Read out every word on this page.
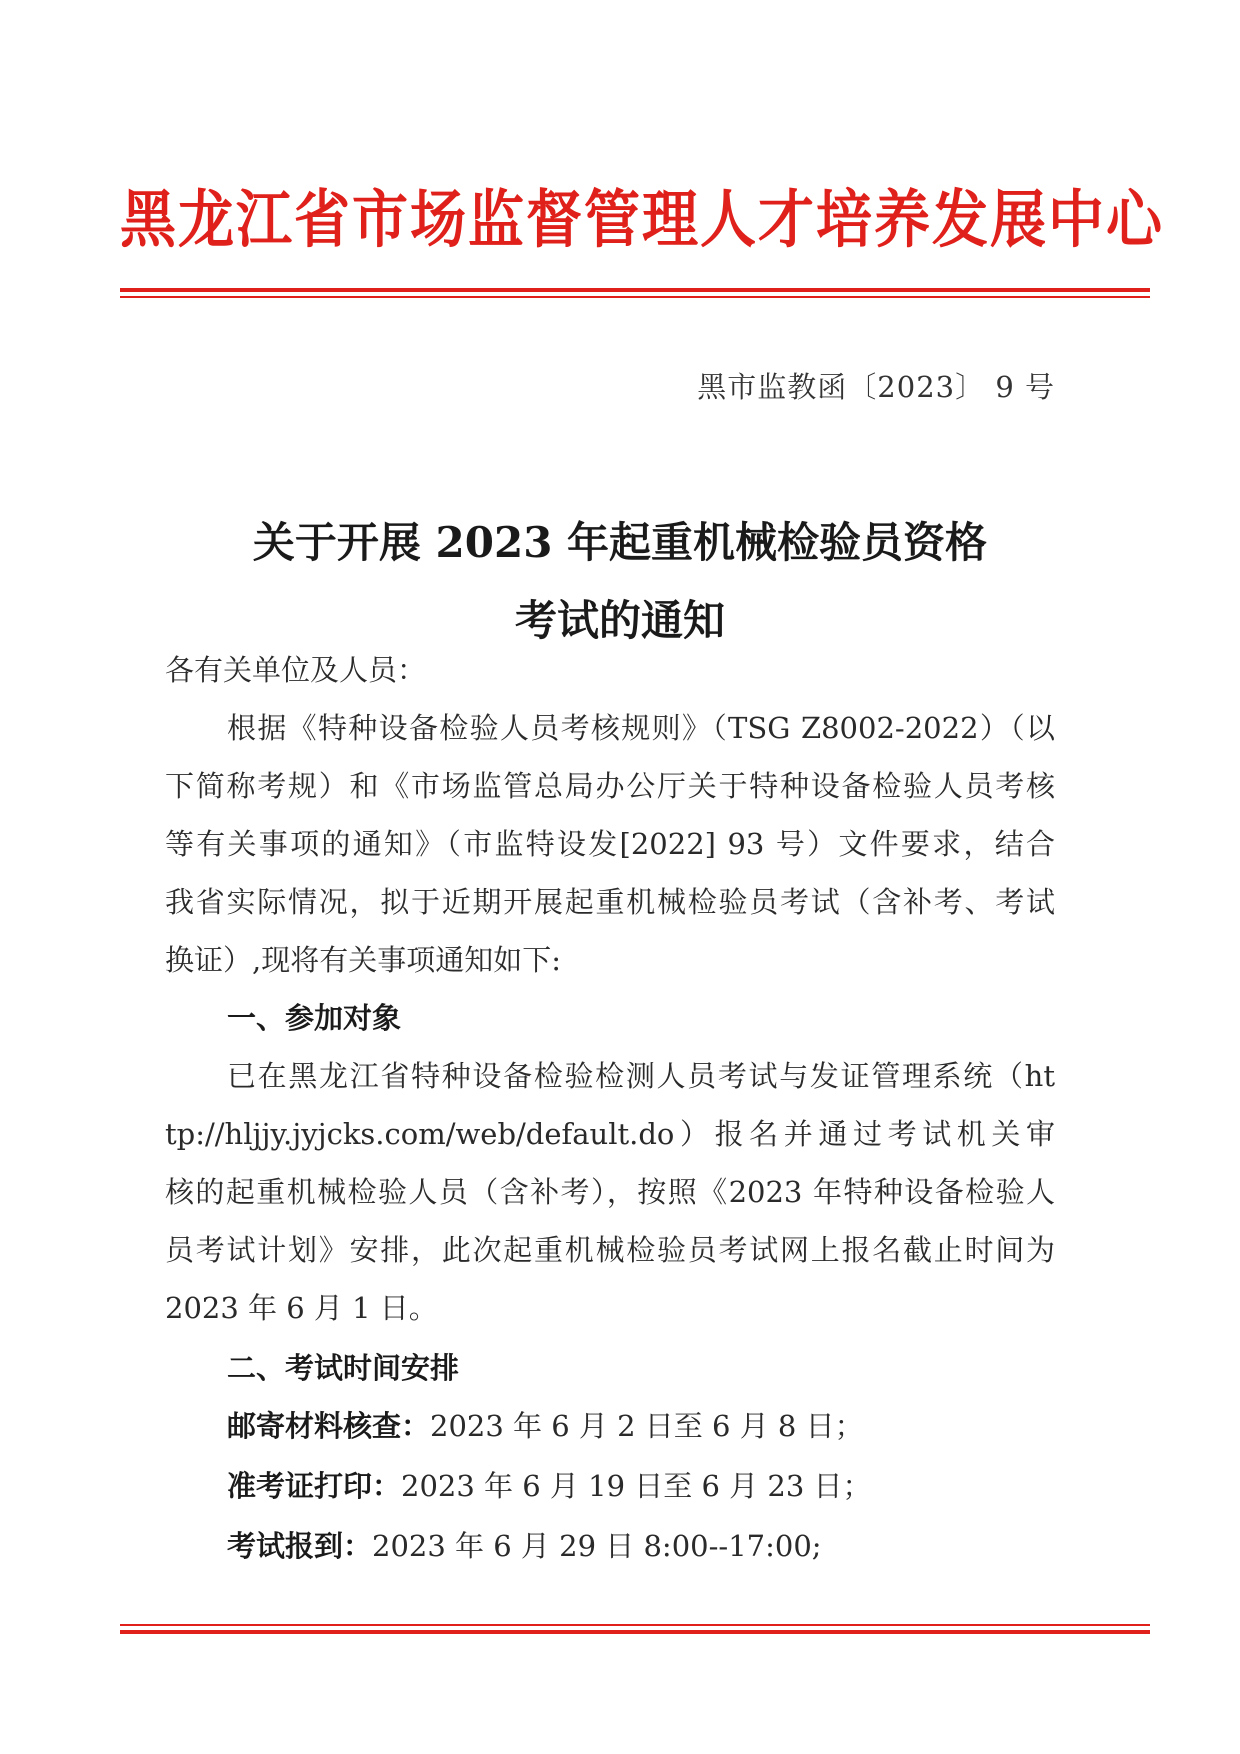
黑龙江省市场监督管理人才培养发展中心
黑市监教函〔2023〕 9 号
关于开展 2023 年起重机械检验员资格
考试的通知
各有关单位及人员：
根据《特种设备检验人员考核规则》（TSG Z8002-2022）（以
下简称考规）和《市场监管总局办公厅关于特种设备检验人员考核
等有关事项的通知》（市监特设发[2022] 93 号）文件要求，结合
我省实际情况，拟于近期开展起重机械检验员考试（含补考、考试
换证）,现将有关事项通知如下:
一、参加对象
已在黑龙江省特种设备检验检测人员考试与发证管理系统（ht
tp://hljjy.jyjcks.com/web/default.do）报名并通过考试机关审
核的起重机械检验人员（含补考），按照《2023 年特种设备检验人
员考试计划》安排，此次起重机械检验员考试网上报名截止时间为
2023 年 6 月 1 日。
二、考试时间安排
邮寄材料核查：2023 年 6 月 2 日至 6 月 8 日；
准考证打印：2023 年 6 月 19 日至 6 月 23 日；
考试报到：2023 年 6 月 29 日 8:00--17:00;
